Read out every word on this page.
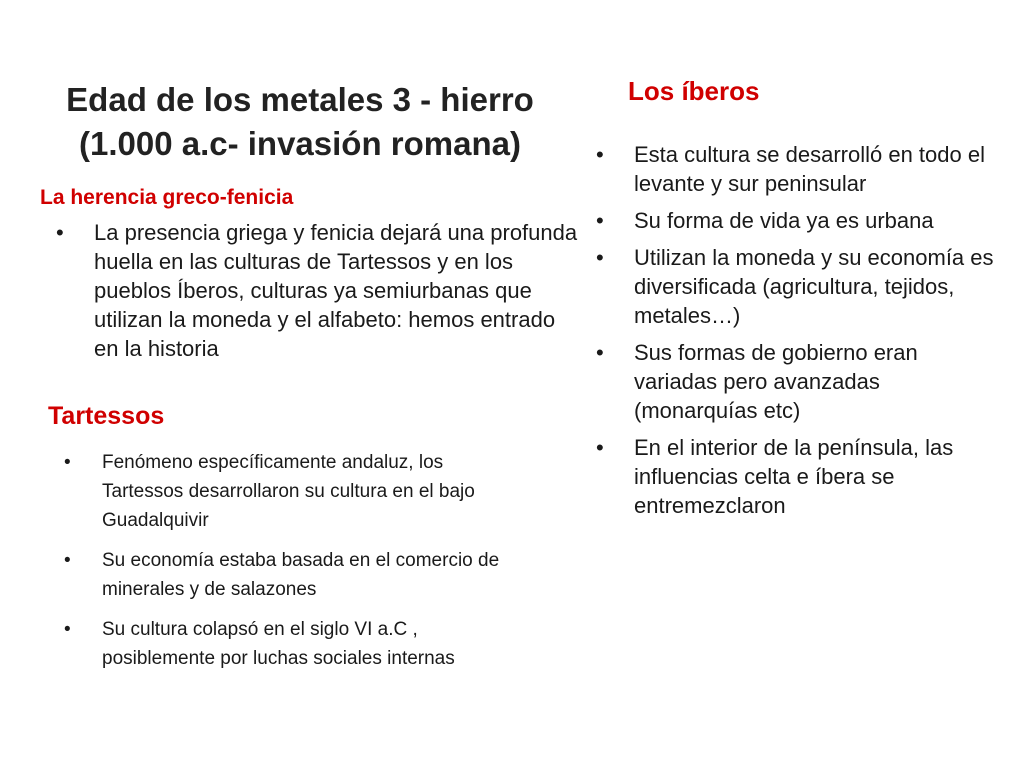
Edad de los metales 3 - hierro
(1.000 a.c- invasión romana)
Los íberos
• Esta cultura se desarrolló en todo el levante y sur peninsular
• Su forma de vida ya es urbana
• Utilizan la moneda y su economía es diversificada (agricultura, tejidos, metales…)
• Sus formas de gobierno eran variadas pero avanzadas (monarquías etc)
• En el interior de la península, las influencias celta e íbera se entremezclaron
La herencia greco-fenicia
• La presencia griega y fenicia dejará una profunda huella en las culturas de Tartessos y en los pueblos Íberos, culturas ya semiurbanas que utilizan la moneda y el alfabeto: hemos entrado en la historia
Tartessos
• Fenómeno específicamente andaluz, los Tartessos desarrollaron su cultura en el bajo Guadalquivir
• Su economía estaba basada en el comercio de minerales y de salazones
• Su cultura colapsó en el siglo VI a.C , posiblemente por luchas sociales internas
